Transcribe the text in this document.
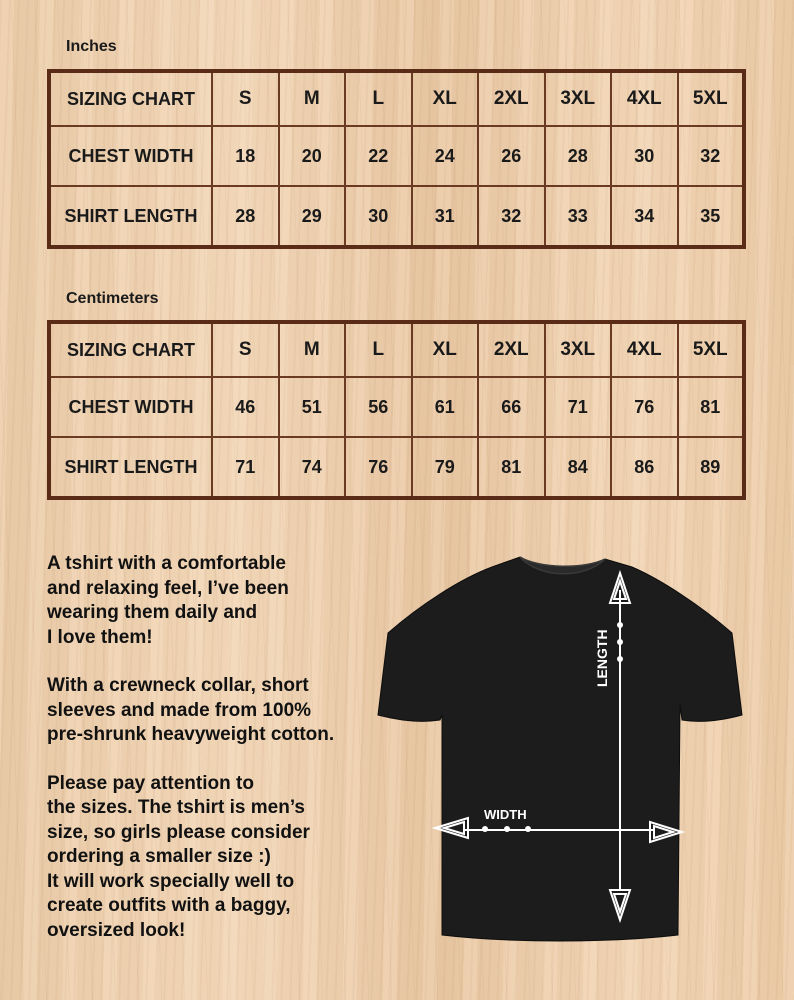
Inches
SIZING CHART	S	M	L	XL	2XL	3XL	4XL	5XL
CHEST WIDTH	18	20	22	24	26	28	30	32
SHIRT LENGTH	28	29	30	31	32	33	34	35
Centimeters
SIZING CHART	S	M	L	XL	2XL	3XL	4XL	5XL
CHEST WIDTH	46	51	56	61	66	71	76	81
SHIRT LENGTH	71	74	76	79	81	84	86	89

A tshirt with a comfortable
and relaxing feel, I’ve been
wearing them daily and
I love them!

With a crewneck collar, short
sleeves and made from 100%
pre-shrunk heavyweight cotton.

Please pay attention to
the sizes. The tshirt is men’s
size, so girls please consider
ordering a smaller size :)
It will work specially well to
create outfits with a baggy,
oversized look!

LENGTH
WIDTH
